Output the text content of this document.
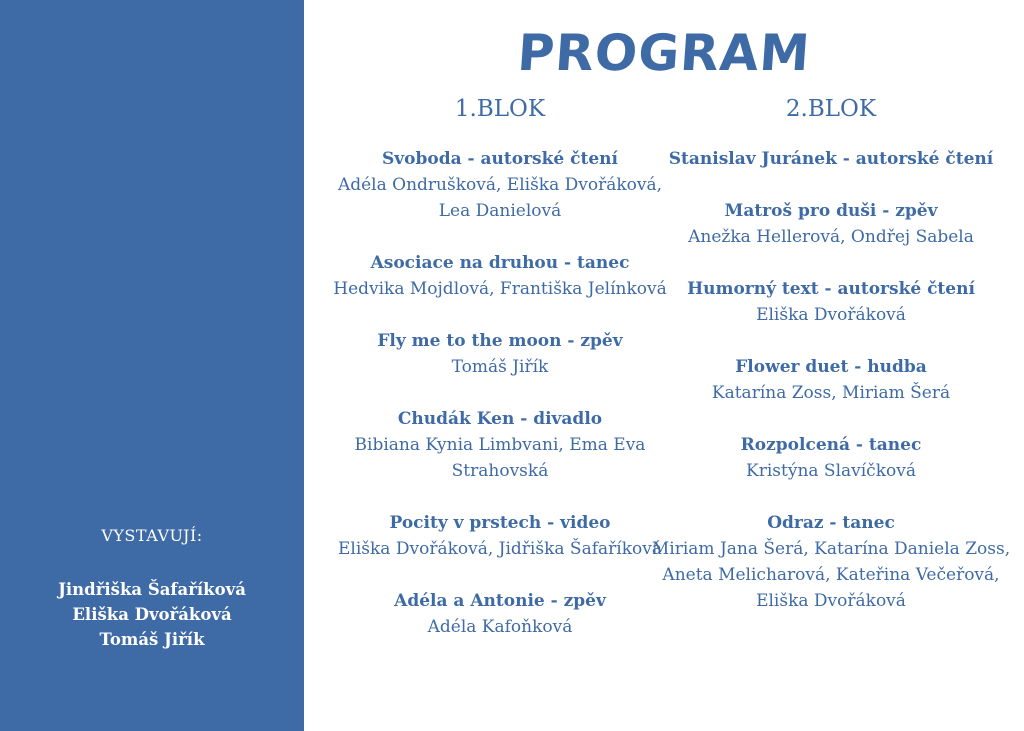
VYSTAVUJÍ:
Jindřiška Šafaříková
Eliška Dvořáková
Tomáš Jiřík
PROGRAM
1.BLOK	2.BLOK
Svoboda - autorské čtení
Adéla Ondrušková, Eliška Dvořáková, Lea Danielová
Asociace na druhou - tanec
Hedvika Mojdlová, Františka Jelínková
Fly me to the moon - zpěv
Tomáš Jiřík
Chudák Ken - divadlo
Bibiana Kynia Limbvani, Ema Eva Strahovská
Pocity v prstech - video
Eliška Dvořáková, Jidřiška Šafaříková
Adéla a Antonie - zpěv
Adéla Kafoňková
Stanislav Juránek - autorské čtení
Matroš pro duši - zpěv
Anežka Hellerová, Ondřej Sabela
Humorný text - autorské čtení
Eliška Dvořáková
Flower duet - hudba
Katarína Zoss, Miriam Šerá
Rozpolcená - tanec
Kristýna Slavíčková
Odraz - tanec
Miriam Jana Šerá, Katarína Daniela Zoss, Aneta Melicharová, Kateřina Večeřová, Eliška Dvořáková
